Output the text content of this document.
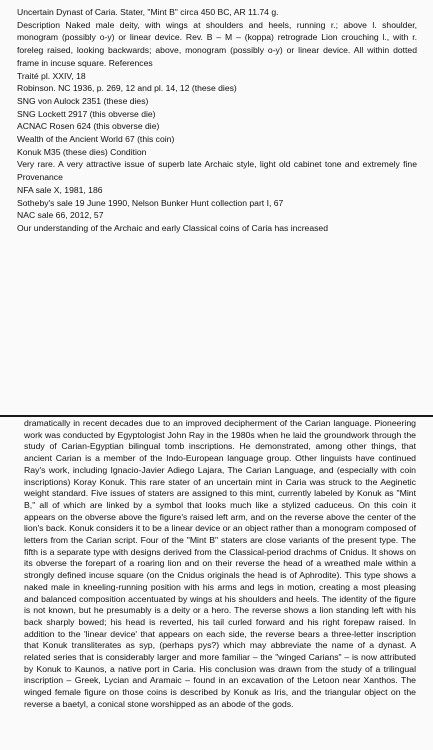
Uncertain Dynast of Caria. Stater, "Mint B" circa 450 BC, AR 11.74 g.
Description Naked male deity, with wings at shoulders and heels, running r.; above l. shoulder, monogram (possibly o-y) or linear device. Rev. B – M – (koppa) retrograde Lion crouching l., with r. foreleg raised, looking backwards; above, monogram (possibly o-y) or linear device. All within dotted frame in incuse square. References
Traité pl. XXIV, 18
Robinson. NC 1936, p. 269, 12 and pl. 14, 12 (these dies)
SNG von Aulock 2351 (these dies)
SNG Lockett 2917 (this obverse die)
ACNAC Rosen 624 (this obverse die)
Wealth of the Ancient World 67 (this coin)
Konuk M35 (these dies) Condition
Very rare. A very attractive issue of superb late Archaic style, light old cabinet tone and extremely fine Provenance
NFA sale X, 1981, 186
Sotheby's sale 19 June 1990, Nelson Bunker Hunt collection part I, 67
NAC sale 66, 2012, 57
Our understanding of the Archaic and early Classical coins of Caria has increased

dramatically in recent decades due to an improved decipherment of the Carian language. Pioneering work was conducted by Egyptologist John Ray in the 1980s when he laid the groundwork through the study of Carian-Egyptian bilingual tomb inscriptions. He demonstrated, among other things, that ancient Carian is a member of the Indo-European language group. Other linguists have continued Ray's work, including Ignacio-Javier Adiego Lajara, The Carian Language, and (especially with coin inscriptions) Koray Konuk. This rare stater of an uncertain mint in Caria was struck to the Aeginetic weight standard. Five issues of staters are assigned to this mint, currently labeled by Konuk as "Mint B," all of which are linked by a symbol that looks much like a stylized caduceus. On this coin it appears on the obverse above the figure's raised left arm, and on the reverse above the center of the lion's back. Konuk considers it to be a linear device or an object rather than a monogram composed of letters from the Carian script. Four of the "Mint B" staters are close variants of the present type. The fifth is a separate type with designs derived from the Classical-period drachms of Cnidus. It shows on its obverse the forepart of a roaring lion and on their reverse the head of a wreathed male within a strongly defined incuse square (on the Cnidus originals the head is of Aphrodite). This type shows a naked male in kneeling-running position with his arms and legs in motion, creating a most pleasing and balanced composition accentuated by wings at his shoulders and heels. The identity of the figure is not known, but he presumably is a deity or a hero. The reverse shows a lion standing left with his back sharply bowed; his head is reverted, his tail curled forward and his right forepaw raised. In addition to the 'linear device' that appears on each side, the reverse bears a three-letter inscription that Konuk transliterates as syp, (perhaps pys?) which may abbreviate the name of a dynast. A related series that is considerably larger and more familiar – the "winged Carians" – is now attributed by Konuk to Kaunos, a native port in Caria. His conclusion was drawn from the study of a trilingual inscription – Greek, Lycian and Aramaic – found in an excavation of the Letoon near Xanthos. The winged female figure on those coins is described by Konuk as Iris, and the triangular object on the reverse a baetyl, a conical stone worshipped as an abode of the gods.
